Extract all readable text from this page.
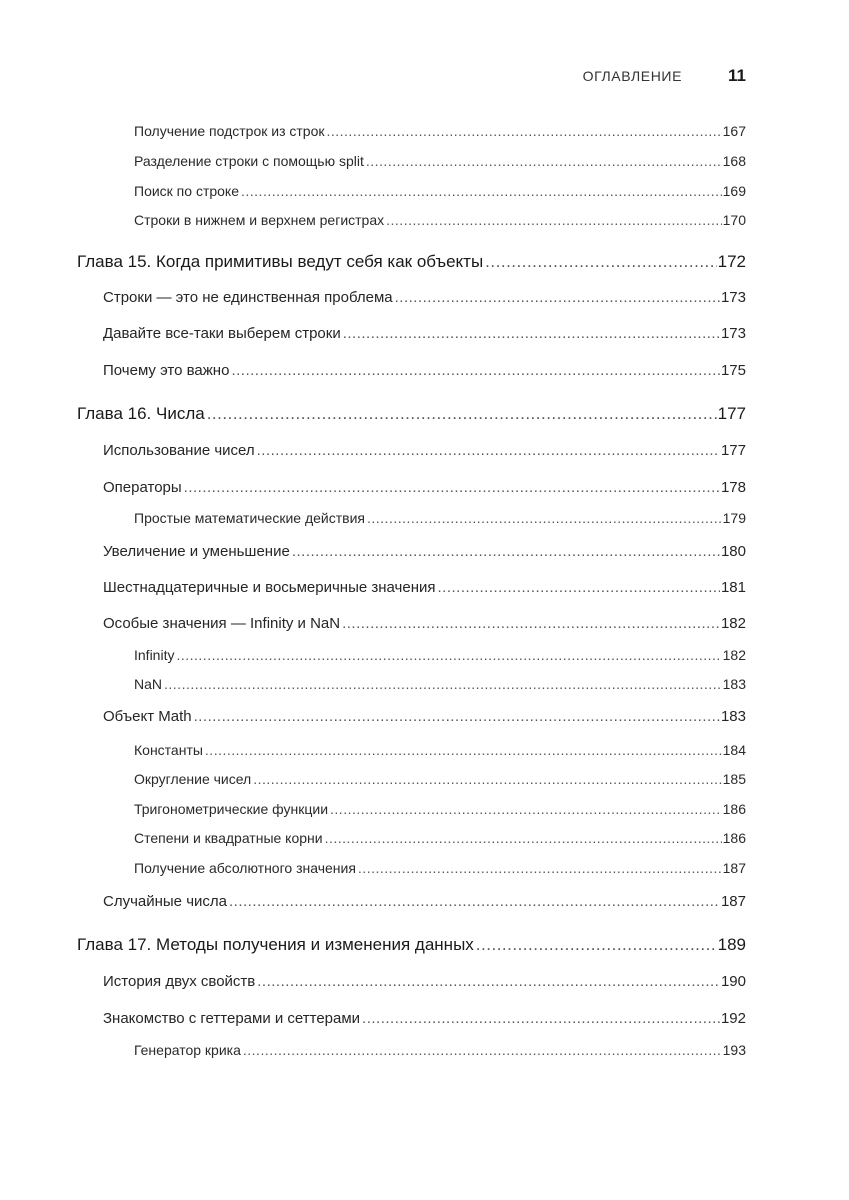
ОГЛАВЛЕНИЕ	11
Получение подстрок из строк .....	167
Разделение строки с помощью split .....	168
Поиск по строке .....	169
Строки в нижнем и верхнем регистрах .....	170
Глава 15. Когда примитивы ведут себя как объекты .....	172
Строки — это не единственная проблема .....	173
Давайте все-таки выберем строки .....	173
Почему это важно .....	175
Глава 16. Числа .....	177
Использование чисел .....	177
Операторы .....	178
Простые математические действия .....	179
Увеличение и уменьшение .....	180
Шестнадцатеричные и восьмеричные значения .....	181
Особые значения — Infinity и NaN .....	182
Infinity .....	182
NaN .....	183
Объект Math .....	183
Константы .....	184
Округление чисел .....	185
Тригонометрические функции .....	186
Степени и квадратные корни .....	186
Получение абсолютного значения .....	187
Случайные числа .....	187
Глава 17. Методы получения и изменения данных .....	189
История двух свойств .....	190
Знакомство с геттерами и сеттерами .....	192
Генератор крика .....	193
